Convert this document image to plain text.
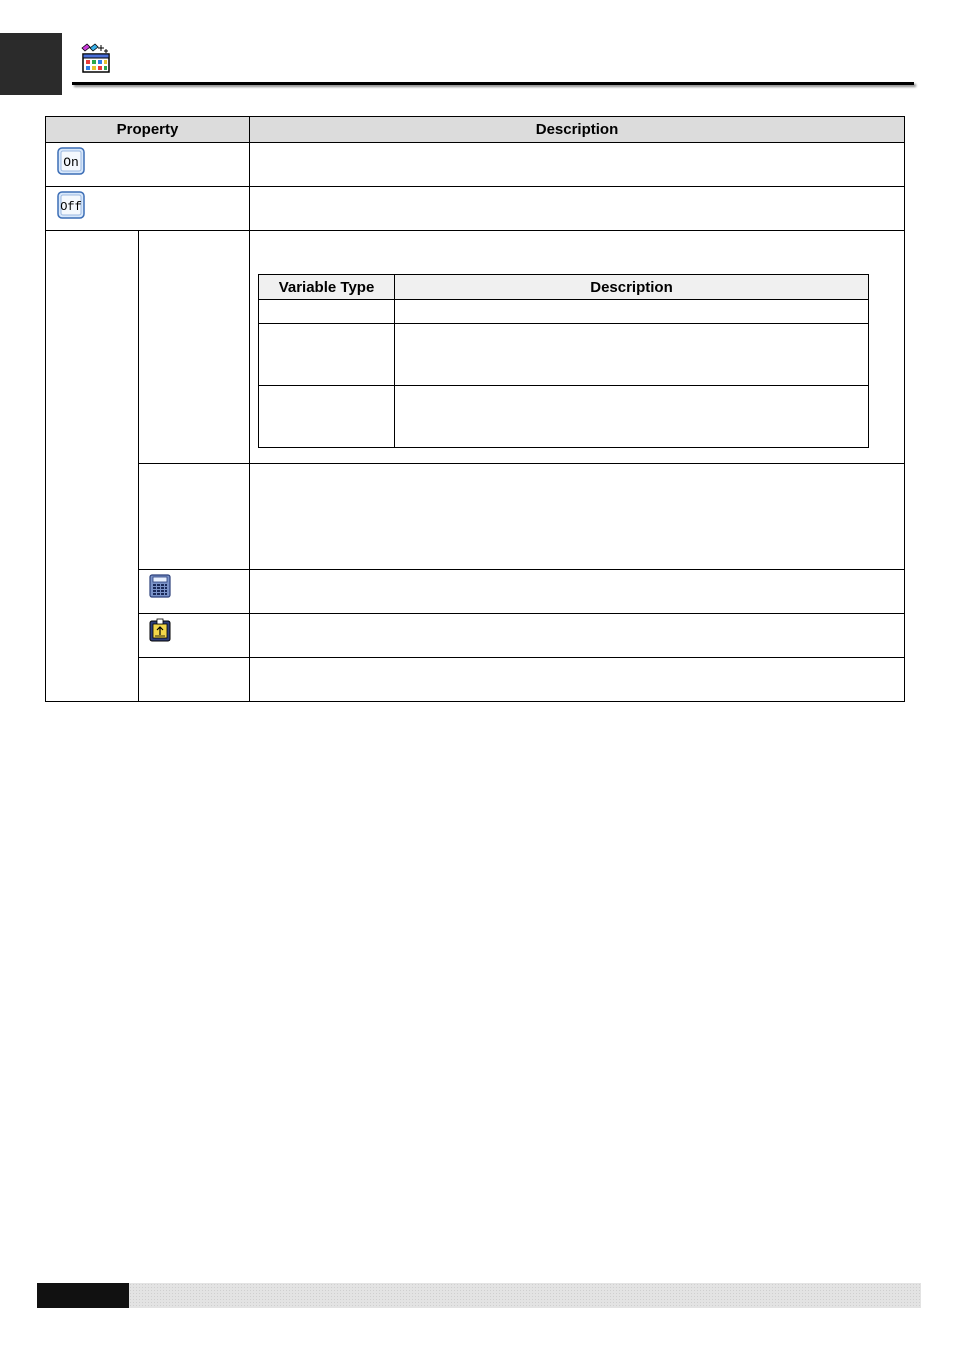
Property	Description

On

Off

Variable Type	Description
